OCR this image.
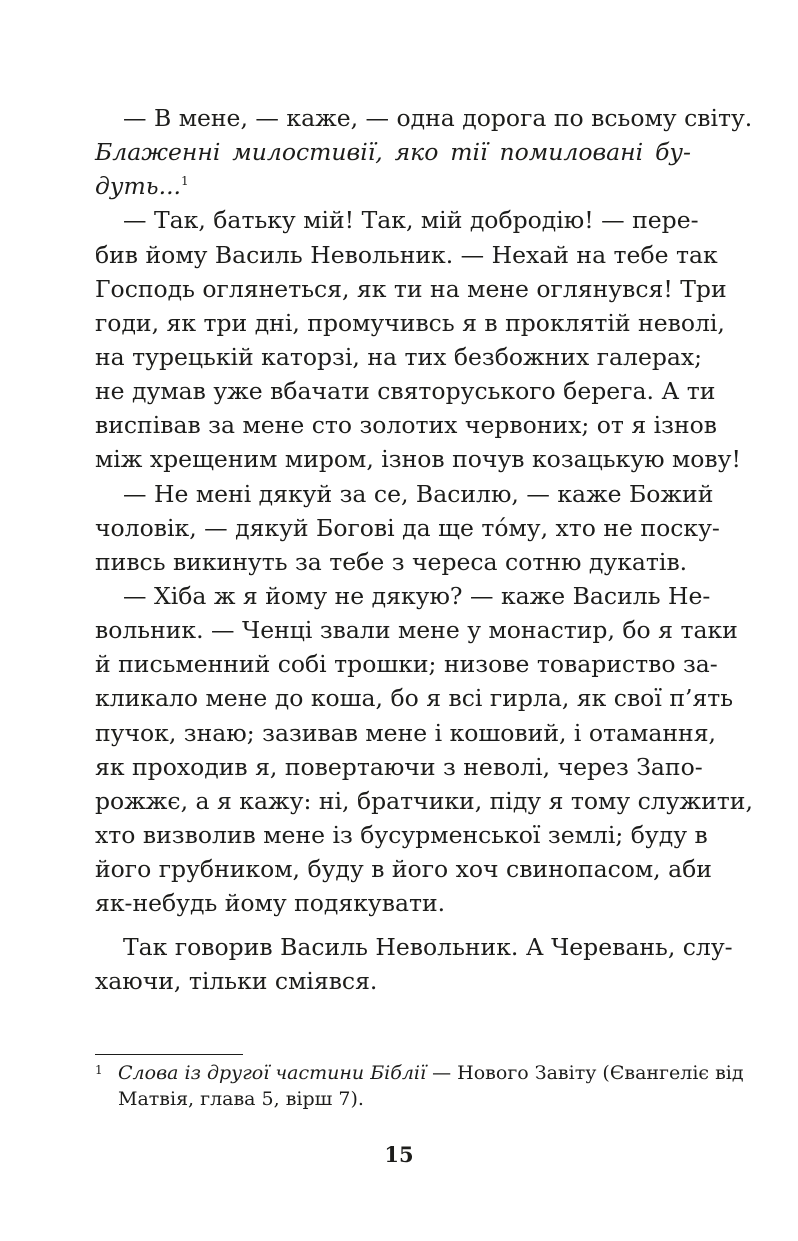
— В мене, — каже, — одна дорога по всьому світу.
Блаженні милостивії, яко тії помиловані бу-
дуть...$^1$
— Так, батьку мій! Так, мій добродію! — пере-
бив йому Василь Невольник. — Нехай на тебе так
Господь оглянеться, як ти на мене оглянувся! Три
годи, як три дні, промучивсь я в проклятій неволі,
на турецькій каторзі, на тих безбожних галерах;
не думав уже вбачати святоруського берега. А ти
виспівав за мене сто золотих червоних; от я ізнов
між хрещеним миром, ізнов почув козацькую мову!
— Не мені дякуй за се, Василю, — каже Божий
чоловік, — дякуй Богові да ще то́му, хто не поску-
пивсь викинуть за тебе з череса сотню дукатів.
— Хіба ж я йому не дякую? — каже Василь Не-
вольник. — Ченці звали мене у монастир, бо я таки
й письменний собі трошки; низове товариство за-
кликало мене до коша, бо я всі гирла, як свої п’ять
пучок, знаю; зазивав мене і кошовий, і отамання,
як проходив я, повертаючи з неволі, через Запо-
рожжє, а я кажу: ні, братчики, піду я тому служити,
хто визволив мене із бусурменської землі; буду в
його грубником, буду в його хоч свинопасом, аби
як-небудь йому подякувати.
Так говорив Василь Невольник. А Черевань, слу-
хаючи, тільки сміявся.
1 Слова із другої частини Біблії — Нового Завіту (Євангеліє від
Матвія, глава 5, вірш 7).
15
